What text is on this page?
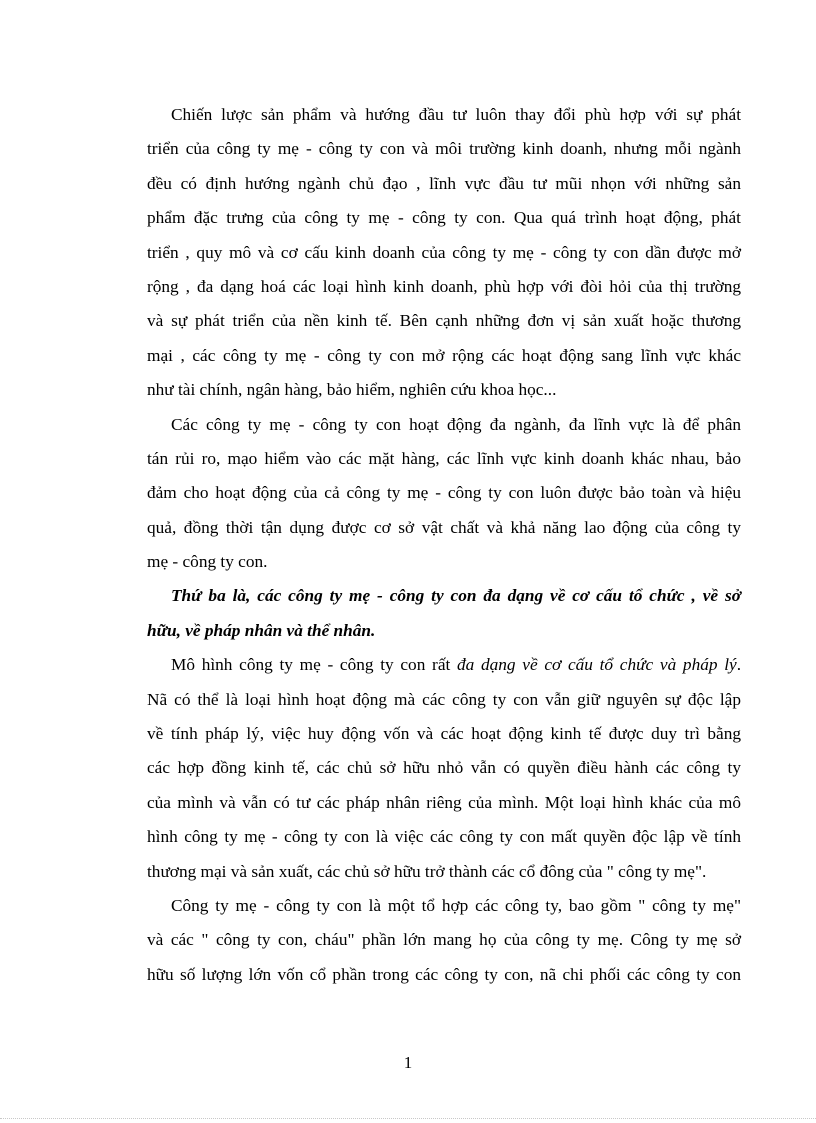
Chiến lược sản phẩm và hướng đầu tư luôn thay đổi phù hợp với sự phát
triển của công ty mẹ - công ty con và môi trường kinh doanh, nhưng mỗi ngành
đều có định hướng ngành chủ đạo , lĩnh vực đầu tư mũi nhọn với những sản
phẩm đặc trưng của công ty mẹ - công ty con. Qua quá trình hoạt động, phát
triển , quy mô và cơ cấu kinh doanh của công ty mẹ - công ty con dần được mở
rộng , đa dạng hoá các loại hình kinh doanh, phù hợp với đòi hỏi của thị trường
và sự phát triển của nền kinh tế. Bên cạnh những đơn vị sản xuất hoặc thương
mại , các công ty mẹ - công ty con mở rộng các hoạt động sang lĩnh vực khác
như tài chính, ngân hàng, bảo hiểm, nghiên cứu khoa học...
Các công ty mẹ - công ty con hoạt động đa ngành, đa lĩnh vực là để phân
tán rủi ro, mạo hiểm vào các mặt hàng, các lĩnh vực kinh doanh khác nhau, bảo
đảm cho hoạt động của cả công ty mẹ - công ty con luôn được bảo toàn và hiệu
quả, đồng thời tận dụng được cơ sở vật chất và khả năng lao động của công ty
mẹ - công ty con.
Thứ ba là, các công ty mẹ - công ty con đa dạng về cơ cấu tổ chức , về sở
hữu, về pháp nhân và thể nhân.
Mô hình công ty mẹ - công ty con rất đa dạng về cơ cấu tổ chức và pháp lý.
Nã có thể là loại hình hoạt động mà các công ty con vẫn giữ nguyên sự độc lập
về tính pháp lý, việc huy động vốn và các hoạt động kinh tế được duy trì bằng
các hợp đồng kinh tế, các chủ sở hữu nhỏ vẫn có quyền điều hành các công ty
của mình và vẫn có tư các pháp nhân riêng của mình. Một loại hình khác của mô
hình công ty mẹ - công ty con là việc các công ty con mất quyền độc lập về tính
thương mại và sản xuất, các chủ sở hữu trở thành các cổ đông của " công ty mẹ".
Công ty mẹ - công ty con là một tổ hợp các công ty, bao gồm " công ty mẹ"
và các " công ty con, cháu" phần lớn mang họ của công ty mẹ. Công ty mẹ sở
hữu số lượng lớn vốn cổ phần trong các công ty con, nã chi phối các công ty con
1
